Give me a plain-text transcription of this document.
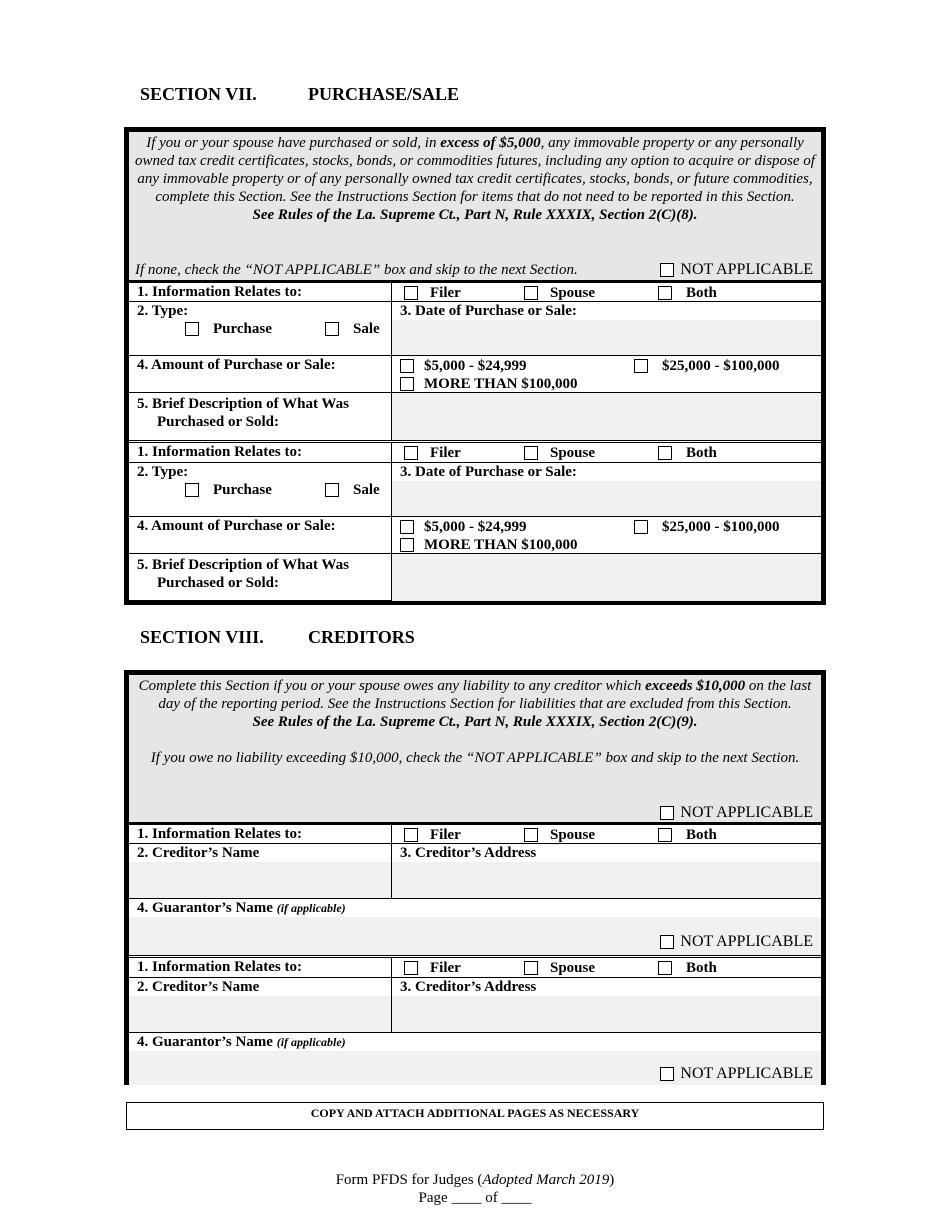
SECTION VII.	PURCHASE/SALE
If you or your spouse have purchased or sold, in excess of $5,000, any immovable property or any personally owned tax credit certificates, stocks, bonds, or commodities futures, including any option to acquire or dispose of any immovable property or of any personally owned tax credit certificates, stocks, bonds, or future commodities, complete this Section. See the Instructions Section for items that do not need to be reported in this Section.
See Rules of the La. Supreme Ct., Part N, Rule XXXIX, Section 2(C)(8).
If none, check the “NOT APPLICABLE” box and skip to the next Section.	NOT APPLICABLE
1. Information Relates to:	Filer	Spouse	Both
2. Type:
Purchase	Sale
3. Date of Purchase or Sale:
4. Amount of Purchase or Sale:	$5,000 - $24,999	$25,000 - $100,000
MORE THAN $100,000
5. Brief Description of What Was
Purchased or Sold:
1. Information Relates to:	Filer	Spouse	Both
2. Type:
Purchase	Sale
3. Date of Purchase or Sale:
4. Amount of Purchase or Sale:	$5,000 - $24,999	$25,000 - $100,000
MORE THAN $100,000
5. Brief Description of What Was
Purchased or Sold:
SECTION VIII. CREDITORS
Complete this Section if you or your spouse owes any liability to any creditor which exceeds $10,000 on the last day of the reporting period. See the Instructions Section for liabilities that are excluded from this Section.
See Rules of the La. Supreme Ct., Part N, Rule XXXIX, Section 2(C)(9).

If you owe no liability exceeding $10,000, check the “NOT APPLICABLE” box and skip to the next Section.
NOT APPLICABLE
1. Information Relates to:	Filer	Spouse	Both
2. Creditor’s Name	3. Creditor’s Address
4. Guarantor’s Name (if applicable)
NOT APPLICABLE
1. Information Relates to:	Filer	Spouse	Both
2. Creditor’s Name	3. Creditor’s Address
4. Guarantor’s Name (if applicable)
NOT APPLICABLE
COPY AND ATTACH ADDITIONAL PAGES AS NECESSARY
Form PFDS for Judges (Adopted March 2019)
Page ____ of ____
